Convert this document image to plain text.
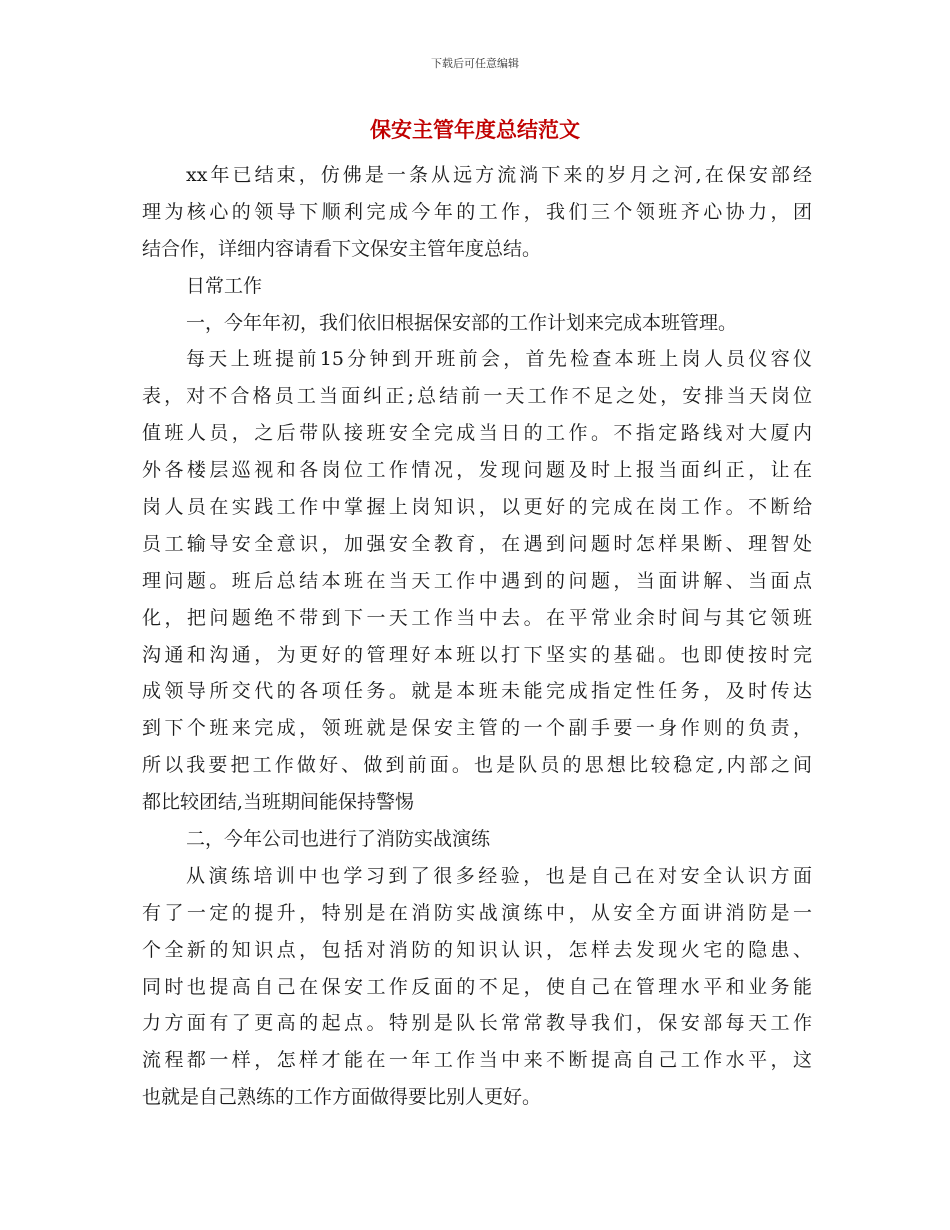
下载后可任意编辑
保安主管年度总结范文
xx年已结束，仿佛是一条从远方流淌下来的岁月之河,在保安部经
理为核心的领导下顺利完成今年的工作，我们三个领班齐心协力，团
结合作，详细内容请看下文保安主管年度总结。
日常工作
一，今年年初，我们依旧根据保安部的工作计划来完成本班管理。
每天上班提前15分钟到开班前会，首先检查本班上岗人员仪容仪
表，对不合格员工当面纠正;总结前一天工作不足之处，安排当天岗位
值班人员，之后带队接班安全完成当日的工作。不指定路线对大厦内
外各楼层巡视和各岗位工作情况，发现问题及时上报当面纠正，让在
岗人员在实践工作中掌握上岗知识，以更好的完成在岗工作。不断给
员工输导安全意识，加强安全教育，在遇到问题时怎样果断、理智处
理问题。班后总结本班在当天工作中遇到的问题，当面讲解、当面点
化，把问题绝不带到下一天工作当中去。在平常业余时间与其它领班
沟通和沟通，为更好的管理好本班以打下坚实的基础。也即使按时完
成领导所交代的各项任务。就是本班未能完成指定性任务，及时传达
到下个班来完成，领班就是保安主管的一个副手要一身作则的负责，
所以我要把工作做好、做到前面。也是队员的思想比较稳定,内部之间
都比较团结,当班期间能保持警惕
二，今年公司也进行了消防实战演练
从演练培训中也学习到了很多经验，也是自己在对安全认识方面
有了一定的提升，特别是在消防实战演练中，从安全方面讲消防是一
个全新的知识点，包括对消防的知识认识，怎样去发现火宅的隐患、
同时也提高自己在保安工作反面的不足，使自己在管理水平和业务能
力方面有了更高的起点。特别是队长常常教导我们，保安部每天工作
流程都一样，怎样才能在一年工作当中来不断提高自己工作水平，这
也就是自己熟练的工作方面做得要比别人更好。
